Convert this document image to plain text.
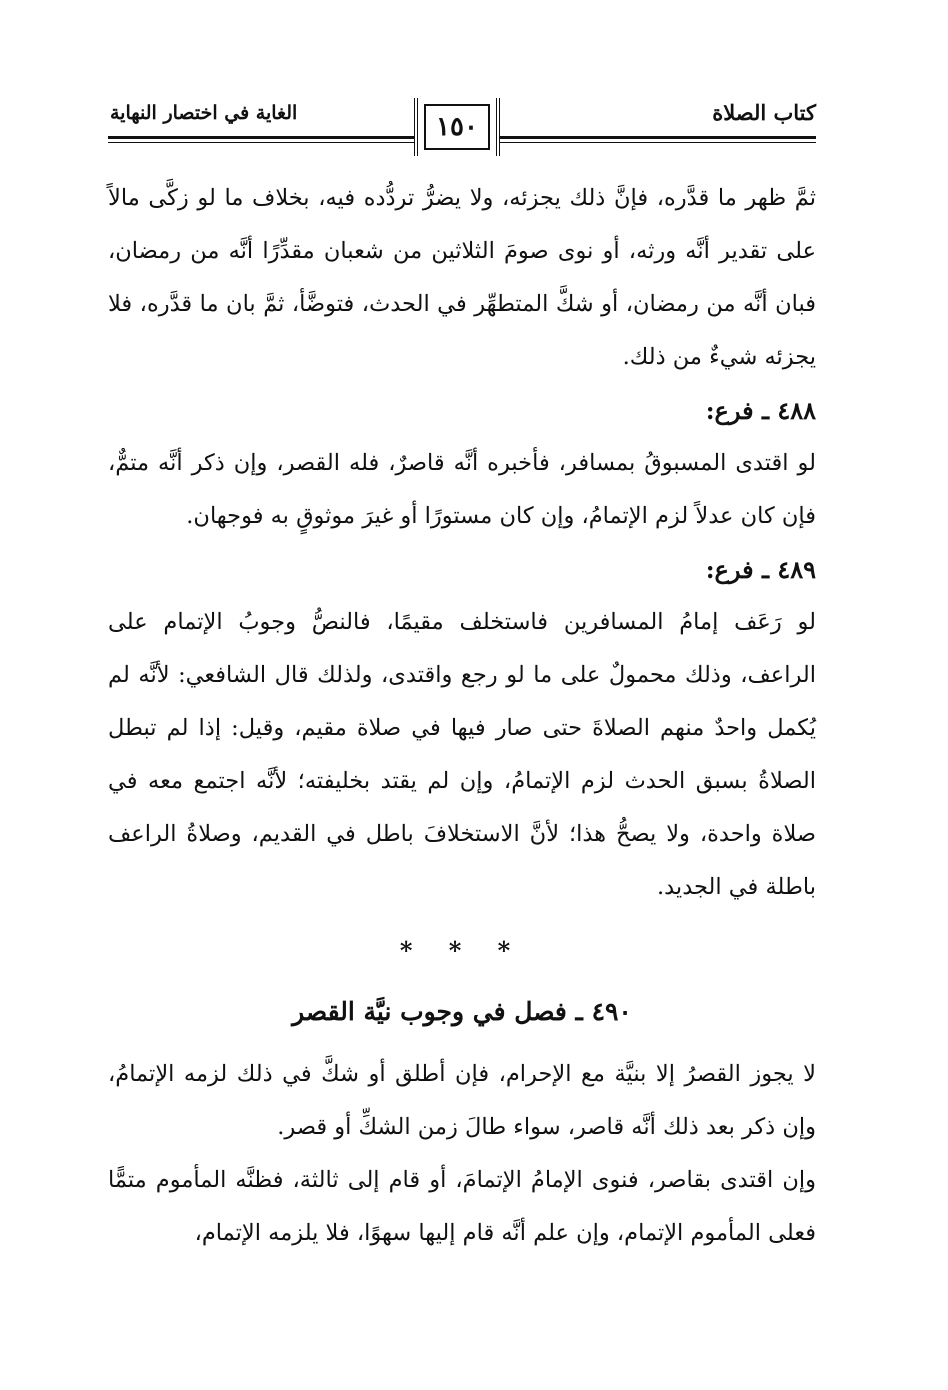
كتاب الصلاة
الغاية في اختصار النهاية	١٥٠

ثمَّ ظهر ما قدَّره، فإنَّ ذلك يجزئه، ولا يضرُّ تردُّده فيه، بخلاف ما لو زكَّى مالاً على تقدير أنَّه ورثه، أو نوى صومَ الثلاثين من شعبان مقدِّرًا أنَّه من رمضان، فبان أنَّه من رمضان، أو شكَّ المتطهِّر في الحدث، فتوضَّأ، ثمَّ بان ما قدَّره، فلا يجزئه شيءٌ من ذلك.

٤٨٨ ـ فرع:

لو اقتدى المسبوقُ بمسافر، فأخبره أنَّه قاصرٌ، فله القصر، وإن ذكر أنَّه متمٌّ، فإن كان عدلاً لزم الإتمامُ، وإن كان مستورًا أو غيرَ موثوقٍ به فوجهان.

٤٨٩ ـ فرع:

لو رَعَف إمامُ المسافرين فاستخلف مقيمًا، فالنصُّ وجوبُ الإتمام على الراعف، وذلك محمولٌ على ما لو رجع واقتدى، ولذلك قال الشافعي: لأنَّه لم يُكمل واحدٌ منهم الصلاةَ حتى صار فيها في صلاة مقيم، وقيل: إذا لم تبطل الصلاةُ بسبق الحدث لزم الإتمامُ، وإن لم يقتد بخليفته؛ لأنَّه اجتمع معه في صلاة واحدة، ولا يصحُّ هذا؛ لأنَّ الاستخلافَ باطل في القديم، وصلاةُ الراعف باطلة في الجديد.

* * *
٤٩٠ ـ فصل في وجوب نيَّة القصر

لا يجوز القصرُ إلا بنيَّة مع الإحرام، فإن أطلق أو شكَّ في ذلك لزمه الإتمامُ، وإن ذكر بعد ذلك أنَّه قاصر، سواء طالَ زمن الشكِّ أو قصر.

وإن اقتدى بقاصر، فنوى الإمامُ الإتمامَ، أو قام إلى ثالثة، فظنَّه المأموم متمًّا فعلى المأموم الإتمام، وإن علم أنَّه قام إليها سهوًا، فلا يلزمه الإتمام،
